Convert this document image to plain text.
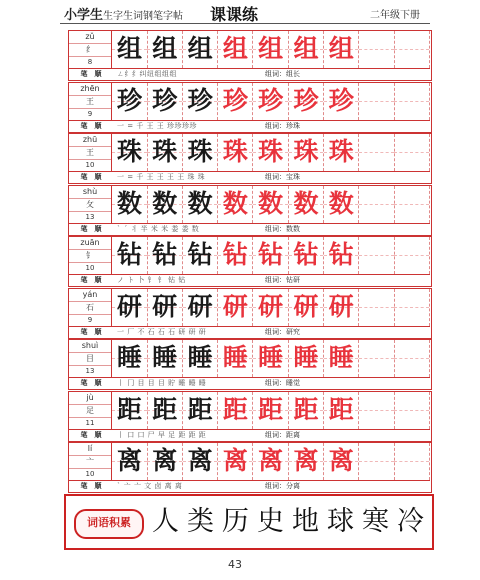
小学生生字生词钢笔字帖 课课练	二年级下册
zǔ
纟
8 组 组 组 组 组 组 组
笔　顺	ㄥ纟纟纠纽组组组	组词：组长
zhēn
王
9 珍 珍 珍 珍 珍 珍 珍
笔　顺	一 = 千 王 王 珍珍珍珍	组词：珍珠
zhū
王
10 珠 珠 珠 珠 珠 珠 珠
笔　顺	一 = 千 王 王 王 王 珠 珠	组词：宝珠
shù
攵
13 数 数 数 数 数 数 数
笔　顺	` ´ 丬 半 米 米 娄 娄 数	组词：数数
zuān
钅
10 钻 钻 钻 钻 钻 钻 钻
笔　顺	ノ ト 卜 钅 钅 钻 钻	组词：钻研
yán
石
9 研 研 研 研 研 研 研
笔　顺	一 厂 不 石 石 石 研 研 研	组词：研究
shuì
目
13 睡 睡 睡 睡 睡 睡 睡
笔　顺	丨 冂 目 目 目 貯 睡 睡 睡	组词：睡觉
jù
足
11 距 距 距 距 距 距 距
笔　顺	丨 口 口 尸 早 足 距 距 距	组词：距离
lí
亠
10 离 离 离 离 离 离 离
笔　顺	` 亠 亠 文 卤 离 离	组词：分离
词语积累 人 类 历 史 地 球 寒 冷
43
